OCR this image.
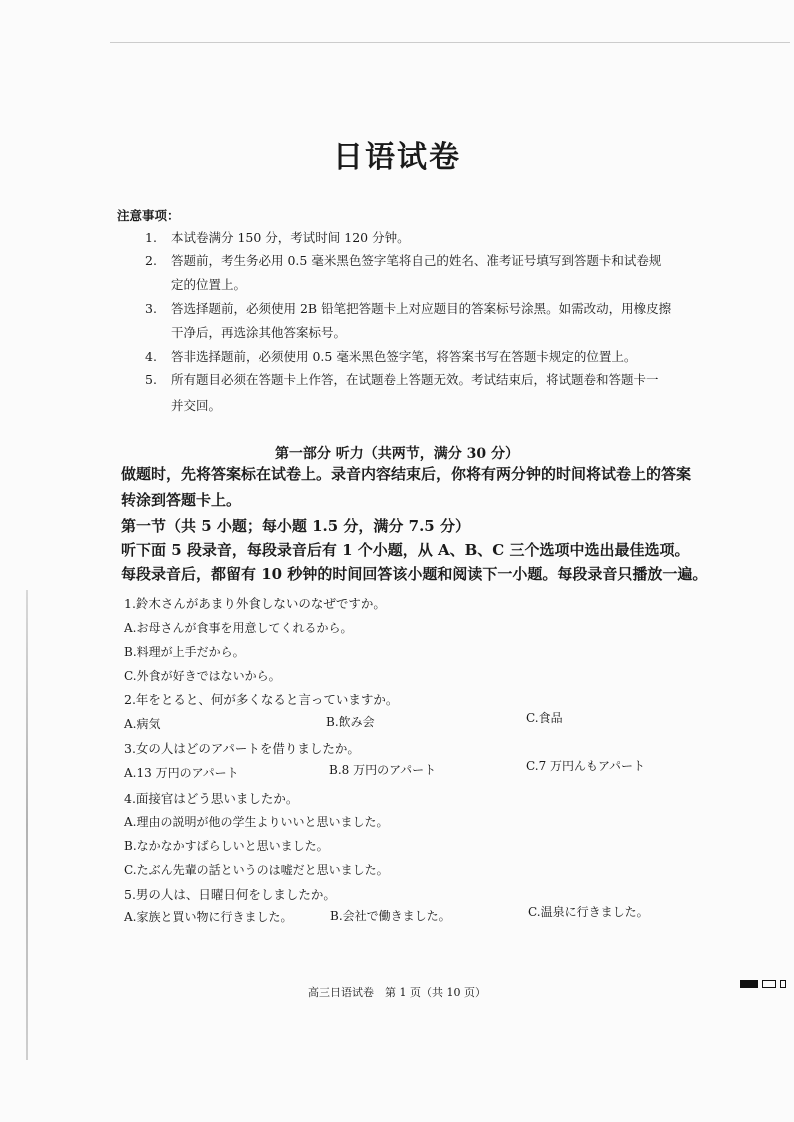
日语试卷
注意事项：
1. 本试卷满分 150 分，考试时间 120 分钟。
2. 答题前，考生务必用 0.5 毫米黑色签字笔将自己的姓名、准考证号填写到答题卡和试卷规
定的位置上。
3. 答选择题前，必须使用 2B 铅笔把答题卡上对应题目的答案标号涂黑。如需改动，用橡皮擦
干净后，再选涂其他答案标号。
4. 答非选择题前，必须使用 0.5 毫米黑色签字笔，将答案书写在答题卡规定的位置上。
5. 所有题目必须在答题卡上作答，在试题卷上答题无效。考试结束后，将试题卷和答题卡一
并交回。
第一部分 听力（共两节，满分 30 分）
做题时，先将答案标在试卷上。录音内容结束后，你将有两分钟的时间将试卷上的答案
转涂到答题卡上。
第一节（共 5 小题；每小题 1.5 分，满分 7.5 分）
听下面 5 段录音，每段录音后有 1 个小题，从 A、B、C 三个选项中选出最佳选项。
每段录音后，都留有 10 秒钟的时间回答该小题和阅读下一小题。每段录音只播放一遍。
1.鈴木さんがあまり外食しないのなぜですか。
A.お母さんが食事を用意してくれるから。
B.料理が上手だから。
C.外食が好きではないから。
2.年をとると、何が多くなると言っていますか。
A.病気	B.飲み会	C.食品
3.女の人はどのアパートを借りましたか。
A.13 万円のアパート	B.8 万円のアパート	C.7 万円んもアパート
4.面接官はどう思いましたか。
A.理由の説明が他の学生よりいいと思いました。
B.なかなかすばらしいと思いました。
C.たぶん先輩の話というのは嘘だと思いました。
5.男の人は、日曜日何をしましたか。
A.家族と買い物に行きました。	B.会社で働きました。	C.温泉に行きました。
高三日语试卷　第 1 页（共 10 页）
